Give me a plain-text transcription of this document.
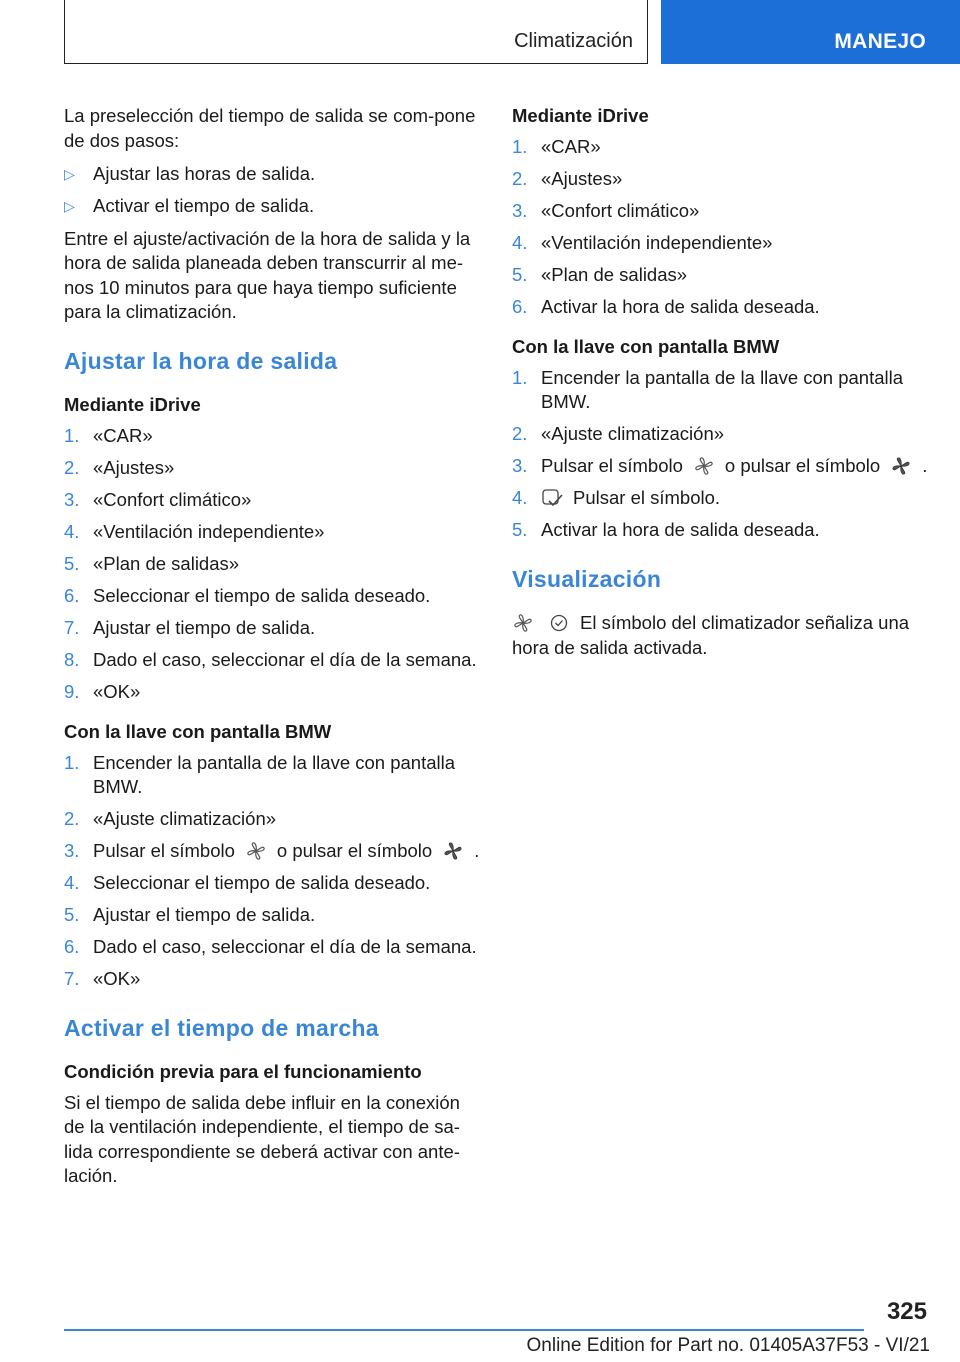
Climatización	MANEJO

La preselección del tiempo de salida se com-pone de dos pasos:

▷ Ajustar las horas de salida.
▷ Activar el tiempo de salida.

Entre el ajuste/activación de la hora de salida y la hora de salida planeada deben transcurrir al me-nos 10 minutos para que haya tiempo suficiente para la climatización.

Ajustar la hora de salida
Mediante iDrive
1. «CAR»
2. «Ajustes»
3. «Confort climático»
4. «Ventilación independiente»
5. «Plan de salidas»
6. Seleccionar el tiempo de salida deseado.
7. Ajustar el tiempo de salida.
8. Dado el caso, seleccionar el día de la semana.
9. «OK»
Con la llave con pantalla BMW
1. Encender la pantalla de la llave con pantalla BMW.
2. «Ajuste climatización»
3. Pulsar el símbolo o pulsar el símbolo .
4. Seleccionar el tiempo de salida deseado.
5. Ajustar el tiempo de salida.
6. Dado el caso, seleccionar el día de la semana.
7. «OK»
Activar el tiempo de marcha
Condición previa para el funcionamiento

Si el tiempo de salida debe influir en la conexión de la ventilación independiente, el tiempo de sa-lida correspondiente se deberá activar con ante-lación.

Mediante iDrive
1. «CAR»
2. «Ajustes»
3. «Confort climático»
4. «Ventilación independiente»
5. «Plan de salidas»
6. Activar la hora de salida deseada.
Con la llave con pantalla BMW
1. Encender la pantalla de la llave con pantalla BMW.
2. «Ajuste climatización»
3. Pulsar el símbolo o pulsar el símbolo .
4. Pulsar el símbolo.
5. Activar la hora de salida deseada.
Visualización

El símbolo del climatizador señaliza una hora de salida activada.

325
Online Edition for Part no. 01405A37F53 - VI/21
